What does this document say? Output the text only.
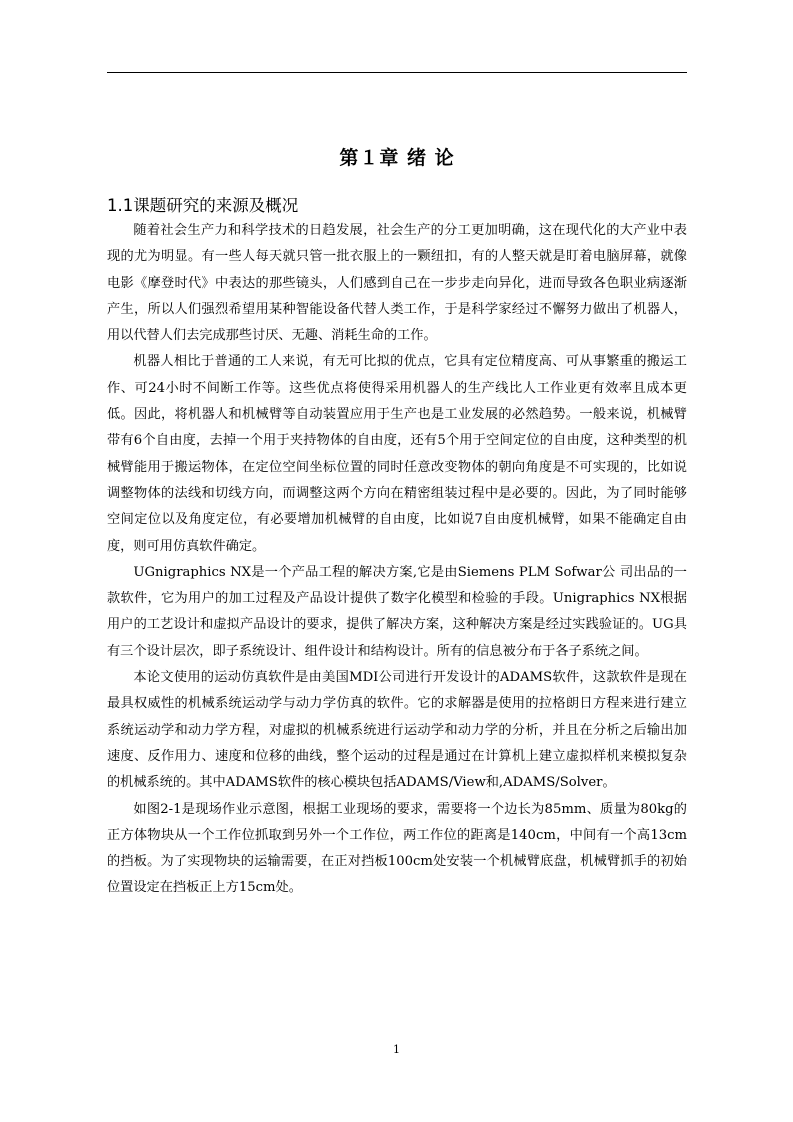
第１章 绪 论
1.1课题研究的来源及概况

随着社会生产力和科学技术的日趋发展，社会生产的分工更加明确，这在现代化的大产业中表现的尤为明显。有一些人每天就只管一批衣服上的一颗纽扣，有的人整天就是盯着电脑屏幕，就像电影《摩登时代》中表达的那些镜头，人们感到自己在一步步走向异化，进而导致各色职业病逐渐产生，所以人们强烈希望用某种智能设备代替人类工作，于是科学家经过不懈努力做出了机器人，用以代替人们去完成那些讨厌、无趣、消耗生命的工作。

机器人相比于普通的工人来说，有无可比拟的优点，它具有定位精度高、可从事繁重的搬运工作、可24小时不间断工作等。这些优点将使得采用机器人的生产线比人工作业更有效率且成本更低。因此，将机器人和机械臂等自动装置应用于生产也是工业发展的必然趋势。一般来说，机械臂带有6个自由度，去掉一个用于夹持物体的自由度，还有5个用于空间定位的自由度，这种类型的机械臂能用于搬运物体，在定位空间坐标位置的同时任意改变物体的朝向角度是不可实现的，比如说调整物体的法线和切线方向，而调整这两个方向在精密组装过程中是必要的。因此，为了同时能够空间定位以及角度定位，有必要增加机械臂的自由度，比如说7自由度机械臂，如果不能确定自由度，则可用仿真软件确定。

UGnigraphics NX是一个产品工程的解决方案,它是由Siemens PLM Sofwar公 司出品的一款软件，它为用户的加工过程及产品设计提供了数字化模型和检验的手段。Unigraphics NX根据用户的工艺设计和虚拟产品设计的要求，提供了解决方案，这种解决方案是经过实践验证的。UG具有三个设计层次，即子系统设计、组件设计和结构设计。所有的信息被分布于各子系统之间。

本论文使用的运动仿真软件是由美国MDI公司进行开发设计的ADAMS软件，这款软件是现在最具权威性的机械系统运动学与动力学仿真的软件。它的求解器是使用的拉格朗日方程来进行建立系统运动学和动力学方程，对虚拟的机械系统进行运动学和动力学的分析，并且在分析之后输出加速度、反作用力、速度和位移的曲线，整个运动的过程是通过在计算机上建立虚拟样机来模拟复杂的机械系统的。其中ADAMS软件的核心模块包括ADAMS/View和,ADAMS/Solver。

如图2-1是现场作业示意图，根据工业现场的要求，需要将一个边长为85mm、质量为80kg的正方体物块从一个工作位抓取到另外一个工作位，两工作位的距离是140cm，中间有一个高13cm的挡板。为了实现物块的运输需要，在正对挡板100cm处安装一个机械臂底盘，机械臂抓手的初始位置设定在挡板正上方15cm处。

1
